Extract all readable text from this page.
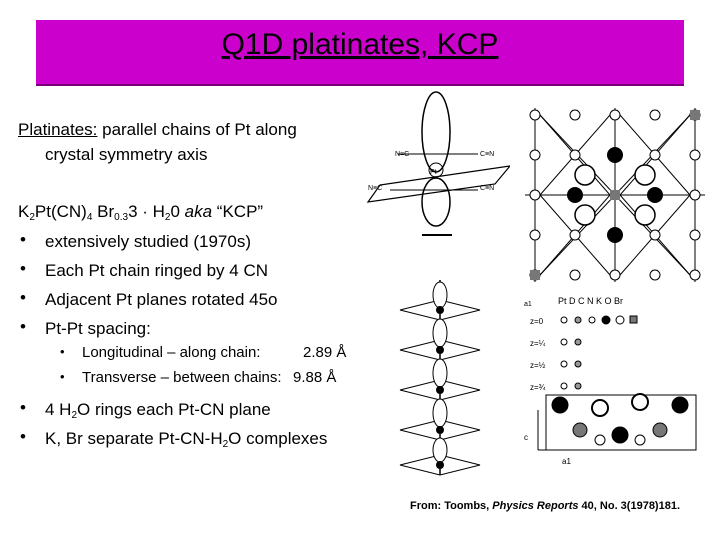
Q1D platinates, KCP
Platinates: parallel chains of Pt along
crystal symmetry axis
$K_2Pt(CN)_4$ $Br_{0.3}3 \cdot H_20$ aka “KCP”
• extensively studied (1970s)
• Each Pt chain ringed by 4 CN
• Adjacent Pt planes rotated 45o
• Pt-Pt spacing:
• Longitudinal – along chain:	2.89 Å
• Transverse – between chains: 9.88 Å
• 4 $H_2O$ rings each Pt-CN plane
• K, Br separate $Pt-CN-H_2O$ complexes
N≡C	C≡N
N≡C	C≡N
Pt
Pt D C N K O Br
a1
z=0
z=¼
z=½
z=¾
c
a1
From: Toombs, Physics Reports 40, No. 3(1978)181.
